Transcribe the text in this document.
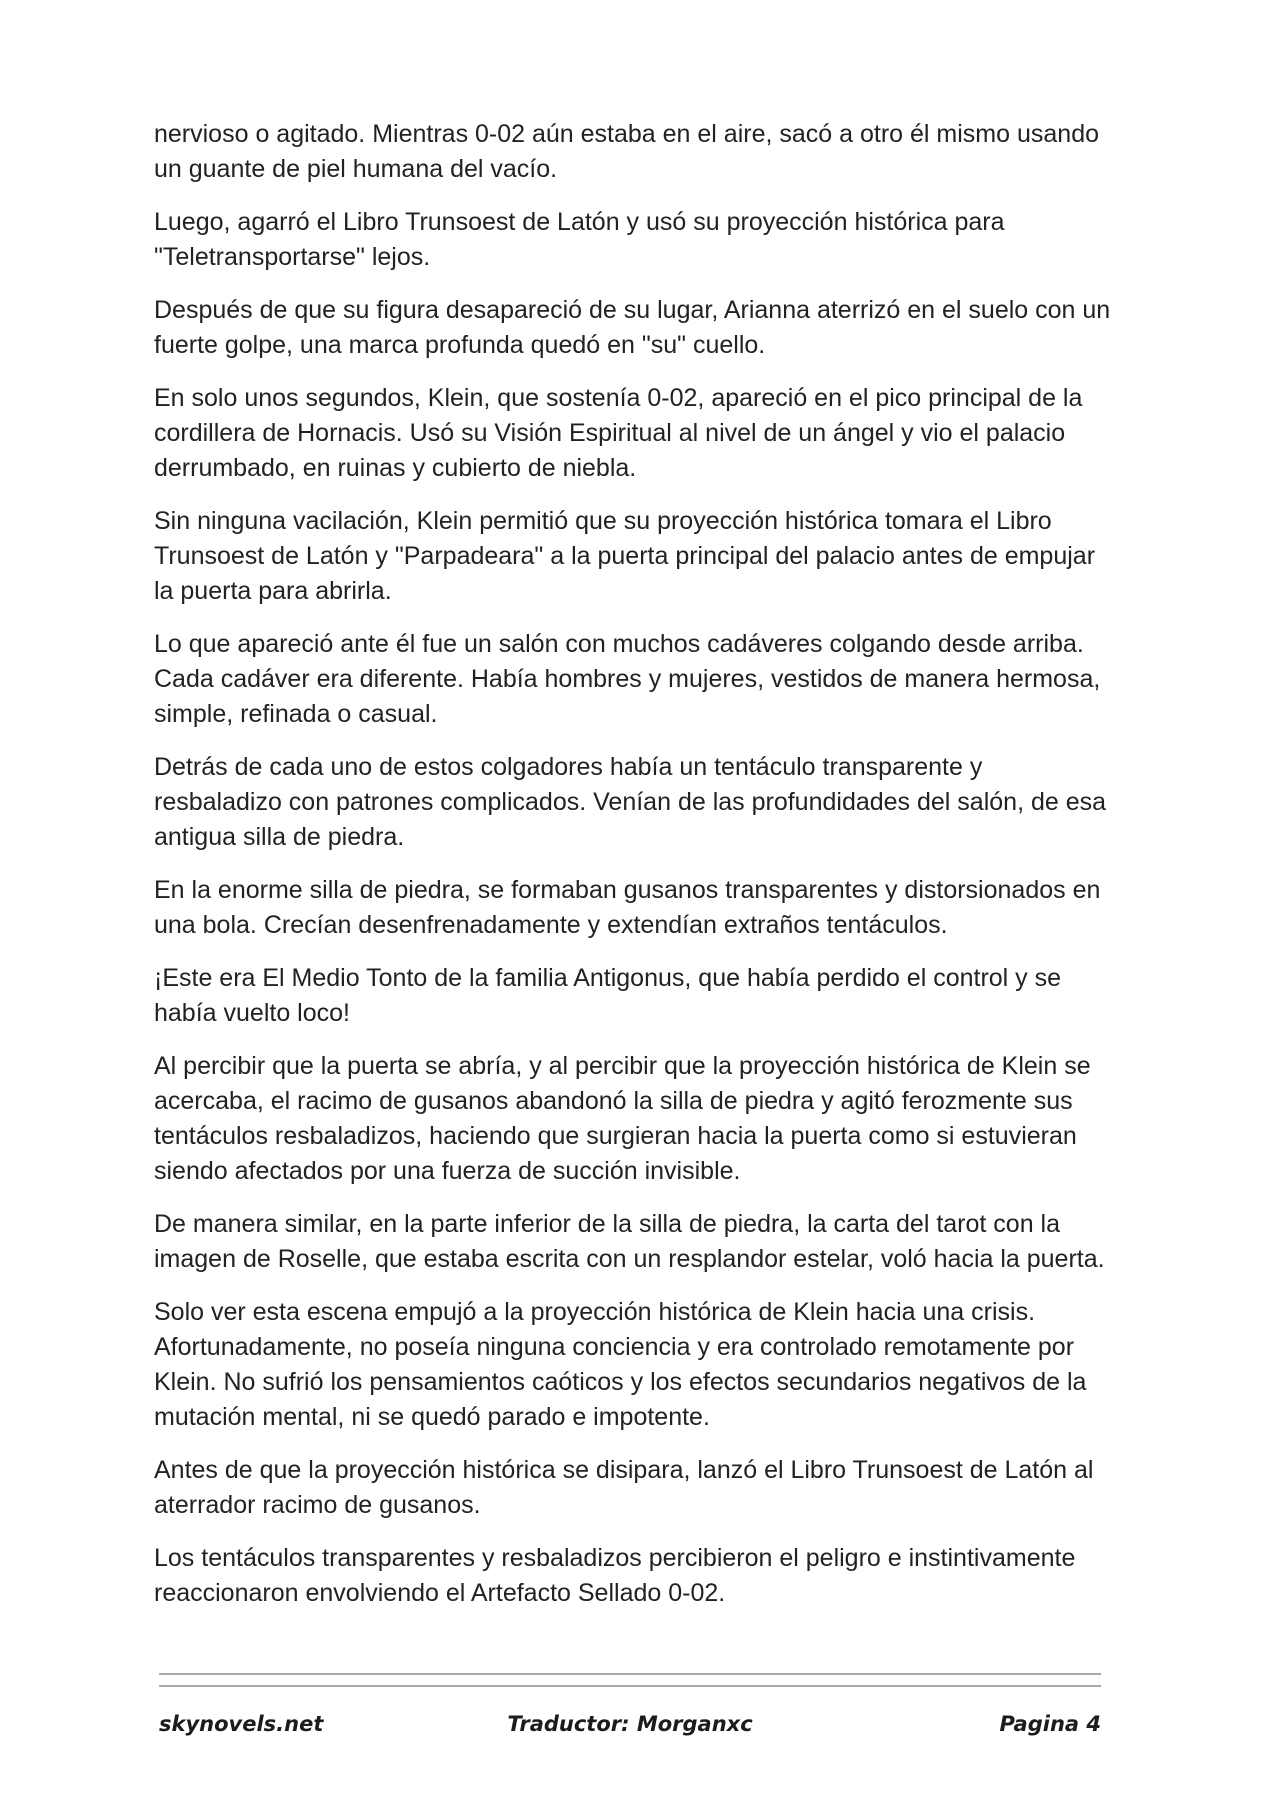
nervioso o agitado. Mientras 0-02 aún estaba en el aire, sacó a otro él mismo usando un guante de piel humana del vacío.

Luego, agarró el Libro Trunsoest de Latón y usó su proyección histórica para "Teletransportarse" lejos.

Después de que su figura desapareció de su lugar, Arianna aterrizó en el suelo con un fuerte golpe, una marca profunda quedó en "su" cuello.

En solo unos segundos, Klein, que sostenía 0-02, apareció en el pico principal de la cordillera de Hornacis. Usó su Visión Espiritual al nivel de un ángel y vio el palacio derrumbado, en ruinas y cubierto de niebla.

Sin ninguna vacilación, Klein permitió que su proyección histórica tomara el Libro Trunsoest de Latón y "Parpadeara" a la puerta principal del palacio antes de empujar la puerta para abrirla.

Lo que apareció ante él fue un salón con muchos cadáveres colgando desde arriba. Cada cadáver era diferente. Había hombres y mujeres, vestidos de manera hermosa, simple, refinada o casual.

Detrás de cada uno de estos colgadores había un tentáculo transparente y resbaladizo con patrones complicados. Venían de las profundidades del salón, de esa antigua silla de piedra.

En la enorme silla de piedra, se formaban gusanos transparentes y distorsionados en una bola. Crecían desenfrenadamente y extendían extraños tentáculos.

¡Este era El Medio Tonto de la familia Antigonus, que había perdido el control y se había vuelto loco!

Al percibir que la puerta se abría, y al percibir que la proyección histórica de Klein se acercaba, el racimo de gusanos abandonó la silla de piedra y agitó ferozmente sus tentáculos resbaladizos, haciendo que surgieran hacia la puerta como si estuvieran siendo afectados por una fuerza de succión invisible.

De manera similar, en la parte inferior de la silla de piedra, la carta del tarot con la imagen de Roselle, que estaba escrita con un resplandor estelar, voló hacia la puerta.

Solo ver esta escena empujó a la proyección histórica de Klein hacia una crisis. Afortunadamente, no poseía ninguna conciencia y era controlado remotamente por Klein. No sufrió los pensamientos caóticos y los efectos secundarios negativos de la mutación mental, ni se quedó parado e impotente.

Antes de que la proyección histórica se disipara, lanzó el Libro Trunsoest de Latón al aterrador racimo de gusanos.

Los tentáculos transparentes y resbaladizos percibieron el peligro e instintivamente reaccionaron envolviendo el Artefacto Sellado 0-02.

skynovels.net	Traductor: Morganxc	Pagina 4
